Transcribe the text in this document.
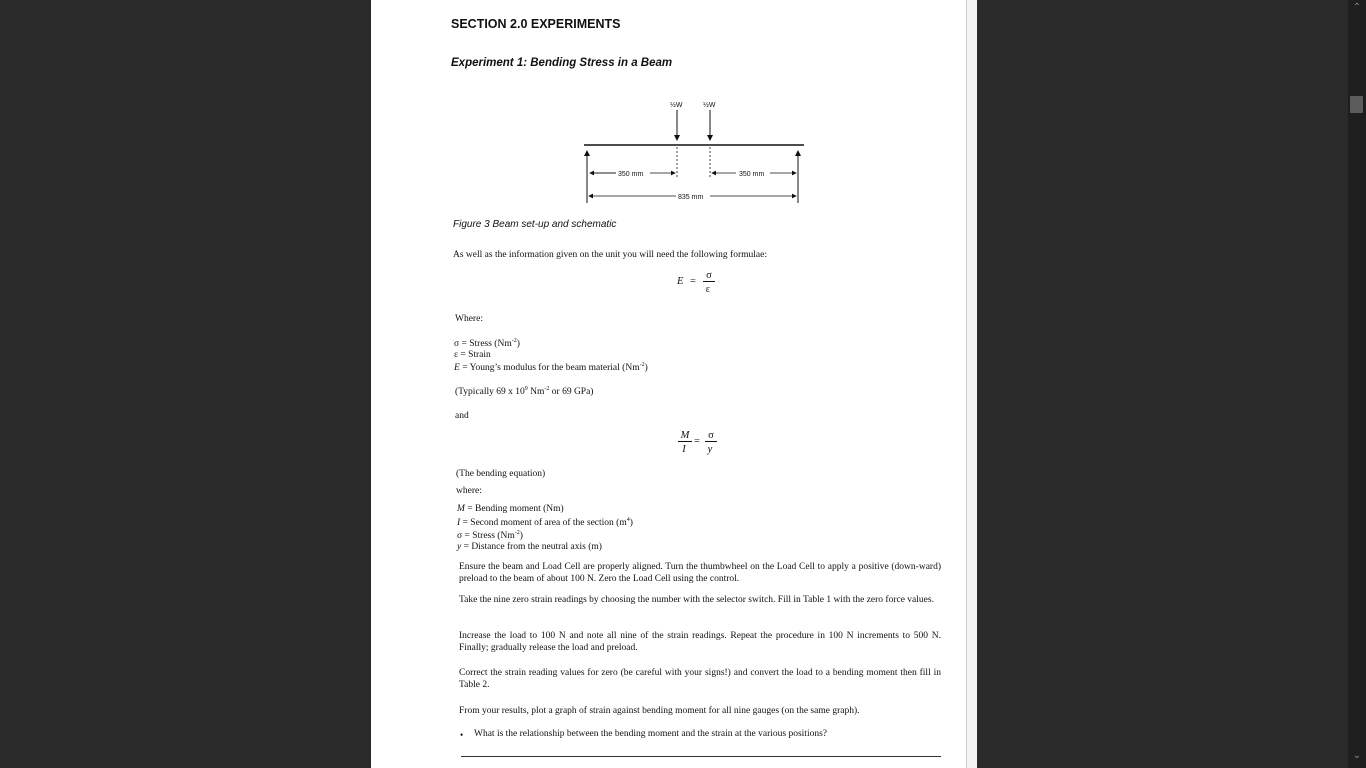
SECTION 2.0 EXPERIMENTS
Experiment 1: Bending Stress in a Beam
½W	½W
350 mm	350 mm
835 mm
Figure 3 Beam set-up and schematic
As well as the information given on the unit you will need the following formulae:
E =
σ
ε
Where:
σ = Stress $(Nm^{-2})$
ε = Strain
E = Young’s modulus for the beam material $(Nm^{-2})$
(Typically 69 x $10^9$ $Nm^{-2}$ or 69 GPa)
and
M
I
=
σ
y
(The bending equation)
where:
M = Bending moment (Nm)
I = Second moment of area of the section $(m^4)$
σ = Stress $(Nm^{-2})$
y = Distance from the neutral axis (m)
Ensure the beam and Load Cell are properly aligned. Turn the thumbwheel on the Load Cell to apply a positive (down-ward) preload to the beam of about 100 N. Zero the Load Cell using the control.
Take the nine zero strain readings by choosing the number with the selector switch. Fill in Table 1 with the zero force values.
Increase the load to 100 N and note all nine of the strain readings. Repeat the procedure in 100 N increments to 500 N. Finally; gradually release the load and preload.
Correct the strain reading values for zero (be careful with your signs!) and convert the load to a bending moment then fill in Table 2.
From your results, plot a graph of strain against bending moment for all nine gauges (on the same graph).
• What is the relationship between the bending moment and the strain at the various positions?
⌃
⌄
